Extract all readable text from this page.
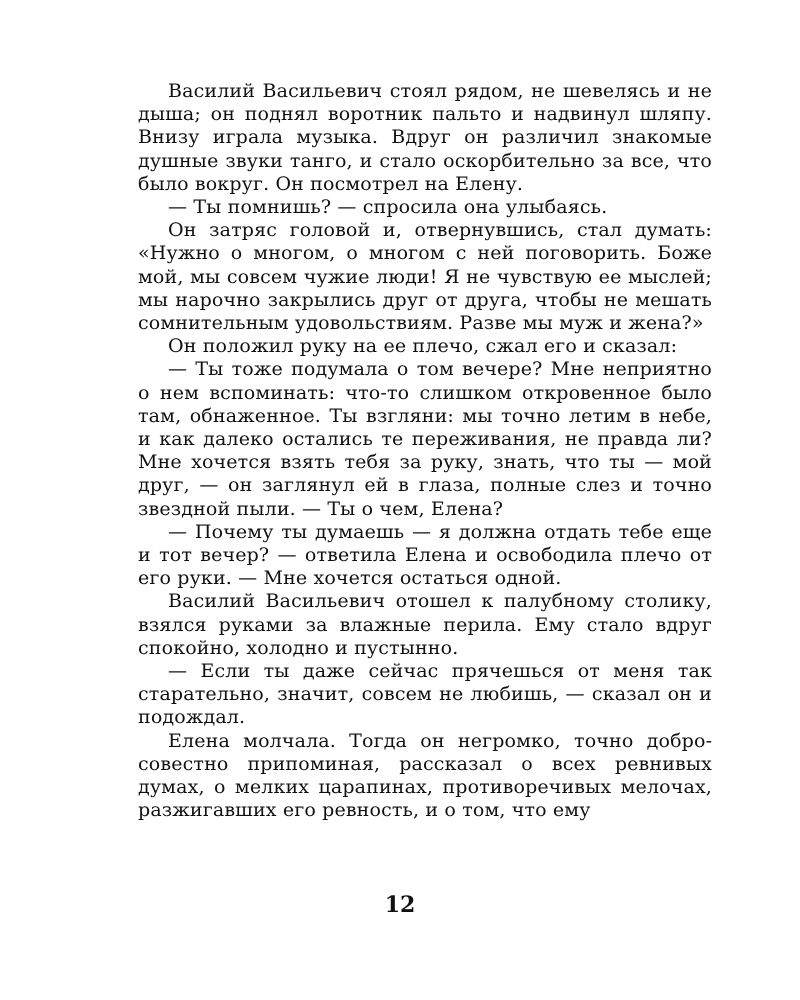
Василий Васильевич стоял рядом, не шевелясь и не дыша; он поднял воротник пальто и надвинул шляпу. Внизу играла музыка. Вдруг он различил знакомые душные звуки танго, и стало оскорбительно за все, что было вокруг. Он посмотрел на Елену.

— Ты помнишь? — спросила она улыбаясь.

Он затряс головой и, отвернувшись, стал думать: «Нужно о многом, о многом с ней поговорить. Боже мой, мы совсем чужие люди! Я не чувствую ее мыслей; мы нарочно закрылись друг от друга, чтобы не мешать сомнительным удовольствиям. Разве мы муж и жена?»

Он положил руку на ее плечо, сжал его и сказал:

— Ты тоже подумала о том вечере? Мне неприятно о нем вспоминать: что-то слишком откровенное было там, обнаженное. Ты взгляни: мы точно летим в небе, и как далеко остались те переживания, не правда ли? Мне хочется взять тебя за руку, знать, что ты — мой друг, — он заглянул ей в глаза, полные слез и точно звездной пыли. — Ты о чем, Елена?

— Почему ты думаешь — я должна отдать тебе еще и тот вечер? — ответила Елена и освободила плечо от его руки. — Мне хочется остаться одной.

Василий Васильевич отошел к палубному столику, взялся руками за влажные перила. Ему стало вдруг спокойно, холодно и пустынно.

— Если ты даже сейчас прячешься от меня так старательно, значит, совсем не любишь, — сказал он и подождал.

Елена молчала. Тогда он негромко, точно добросовестно припоминая, рассказал о всех ревнивых думах, о мелких царапинах, противоречивых мелочах, разжигавших его ревность, и о том, что ему

12
